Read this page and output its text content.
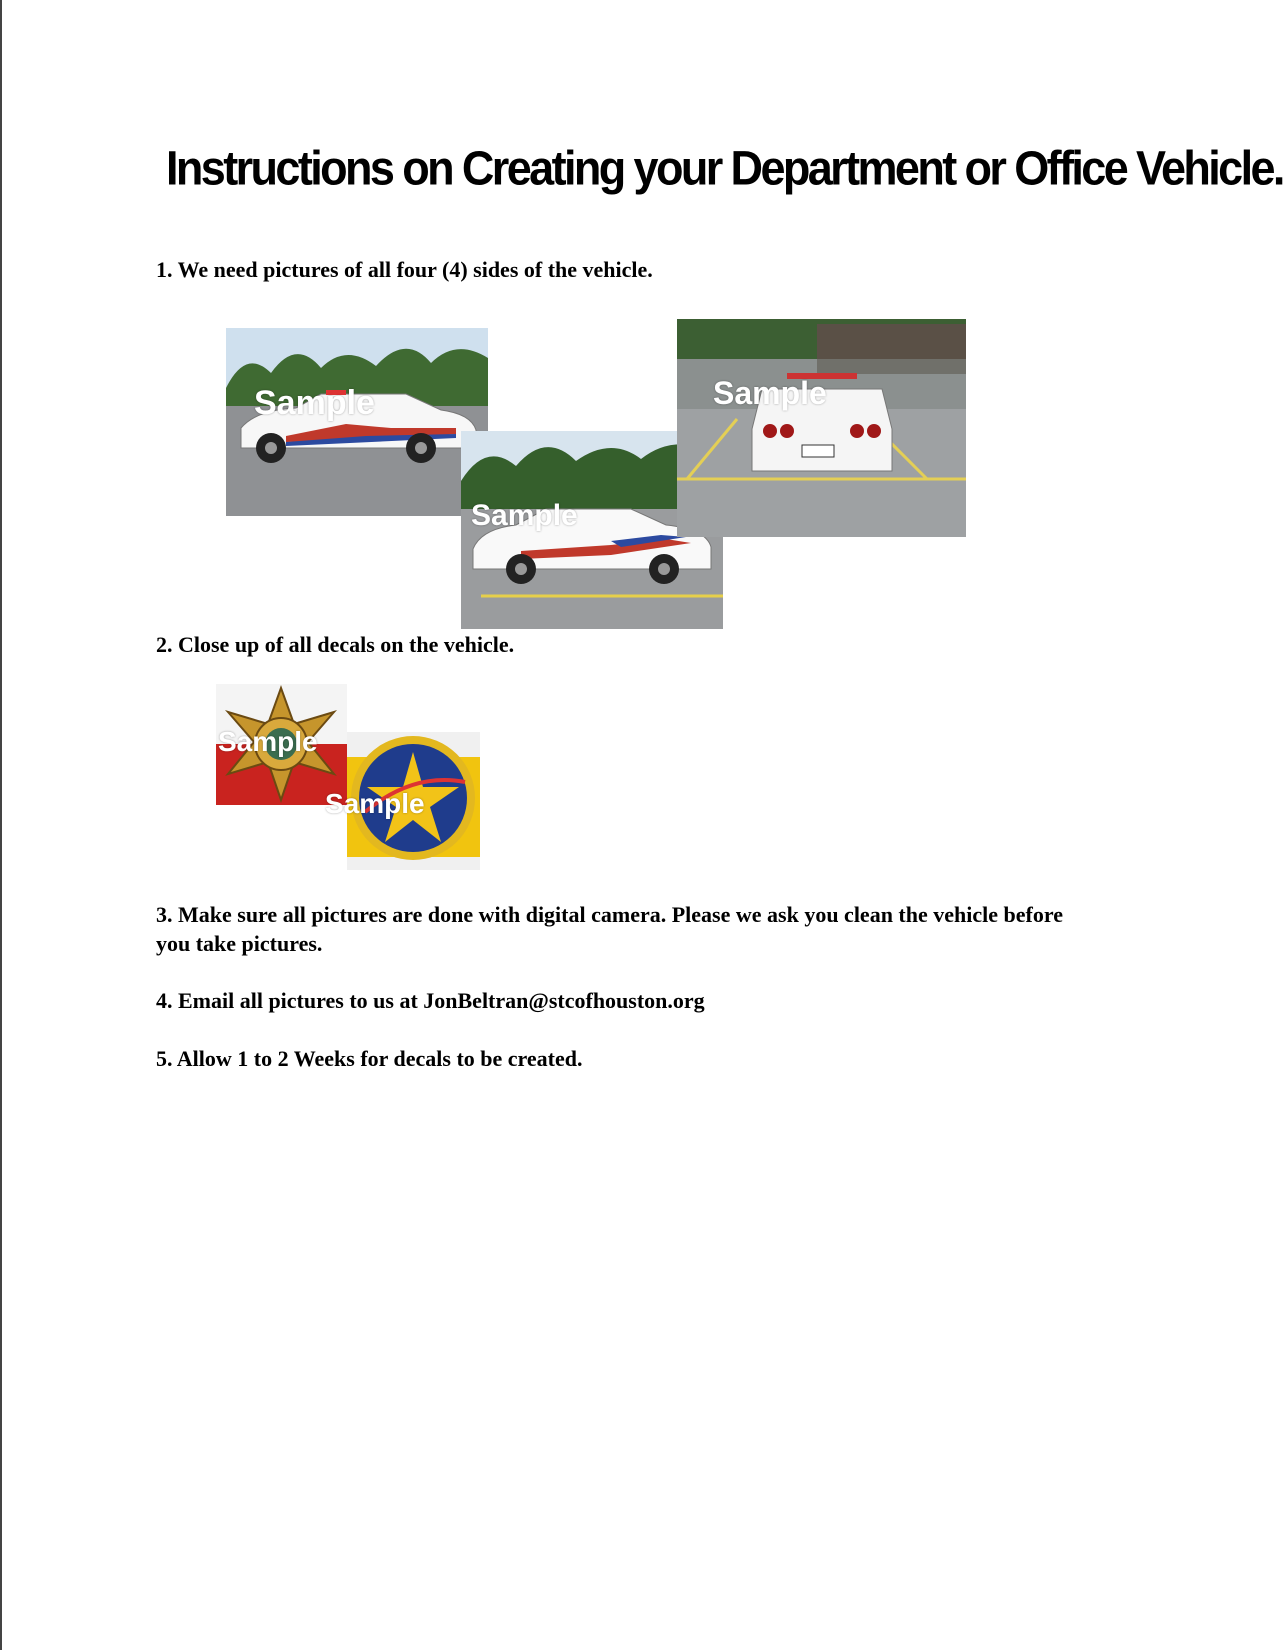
Instructions on Creating your Department or Office Vehicle.
1. We need pictures of all four (4) sides of the vehicle.
Sample
Sample
Sample
2. Close up of all decals on the vehicle.
Sample
Sample
3. Make sure all pictures are done with digital camera. Please we ask you clean the vehicle before you take pictures.
4. Email all pictures to us at JonBeltran@stcofhouston.org
5. Allow 1 to 2 Weeks for decals to be created.
